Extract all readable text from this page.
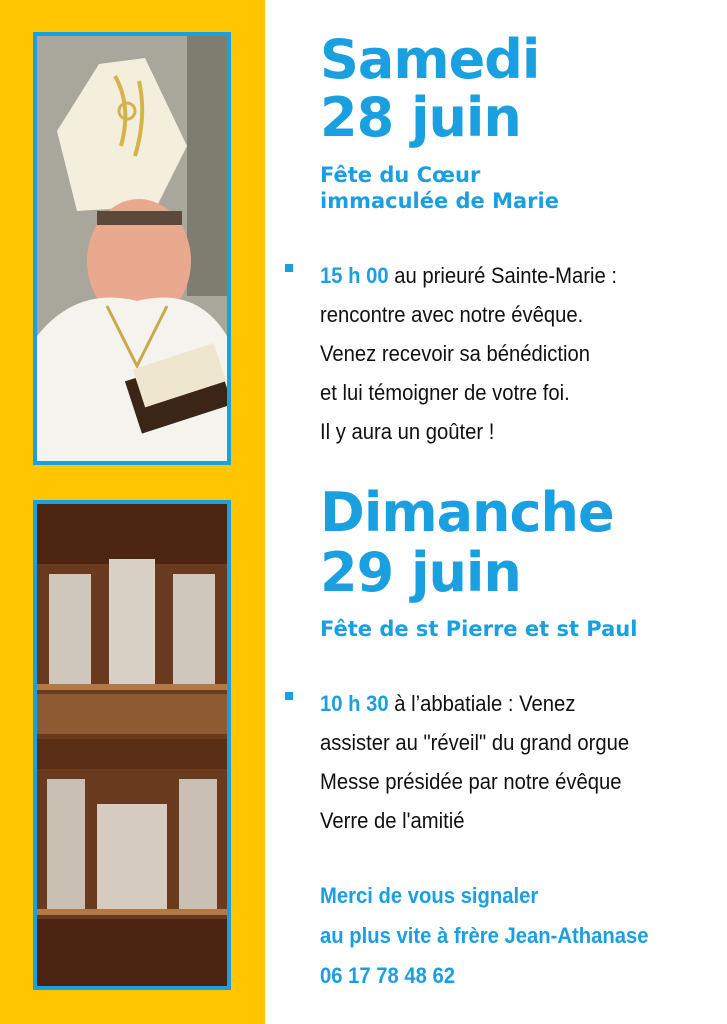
Samedi
28 juin

Fête du Cœur

immaculée de Marie

15 h 00 au prieuré Sainte-Marie :
rencontre avec notre évêque.
Venez recevoir sa bénédiction
et lui témoigner de votre foi.
Il y aura un goûter !
Dimanche
29 juin

Fête de st Pierre et st Paul

10 h 30 à l’abbatiale : Venez
assister au "réveil" du grand orgue
Messe présidée par notre évêque
Verre de l'amitié
Merci de vous signaler
au plus vite à frère Jean-Athanase
06 17 78 48 62
